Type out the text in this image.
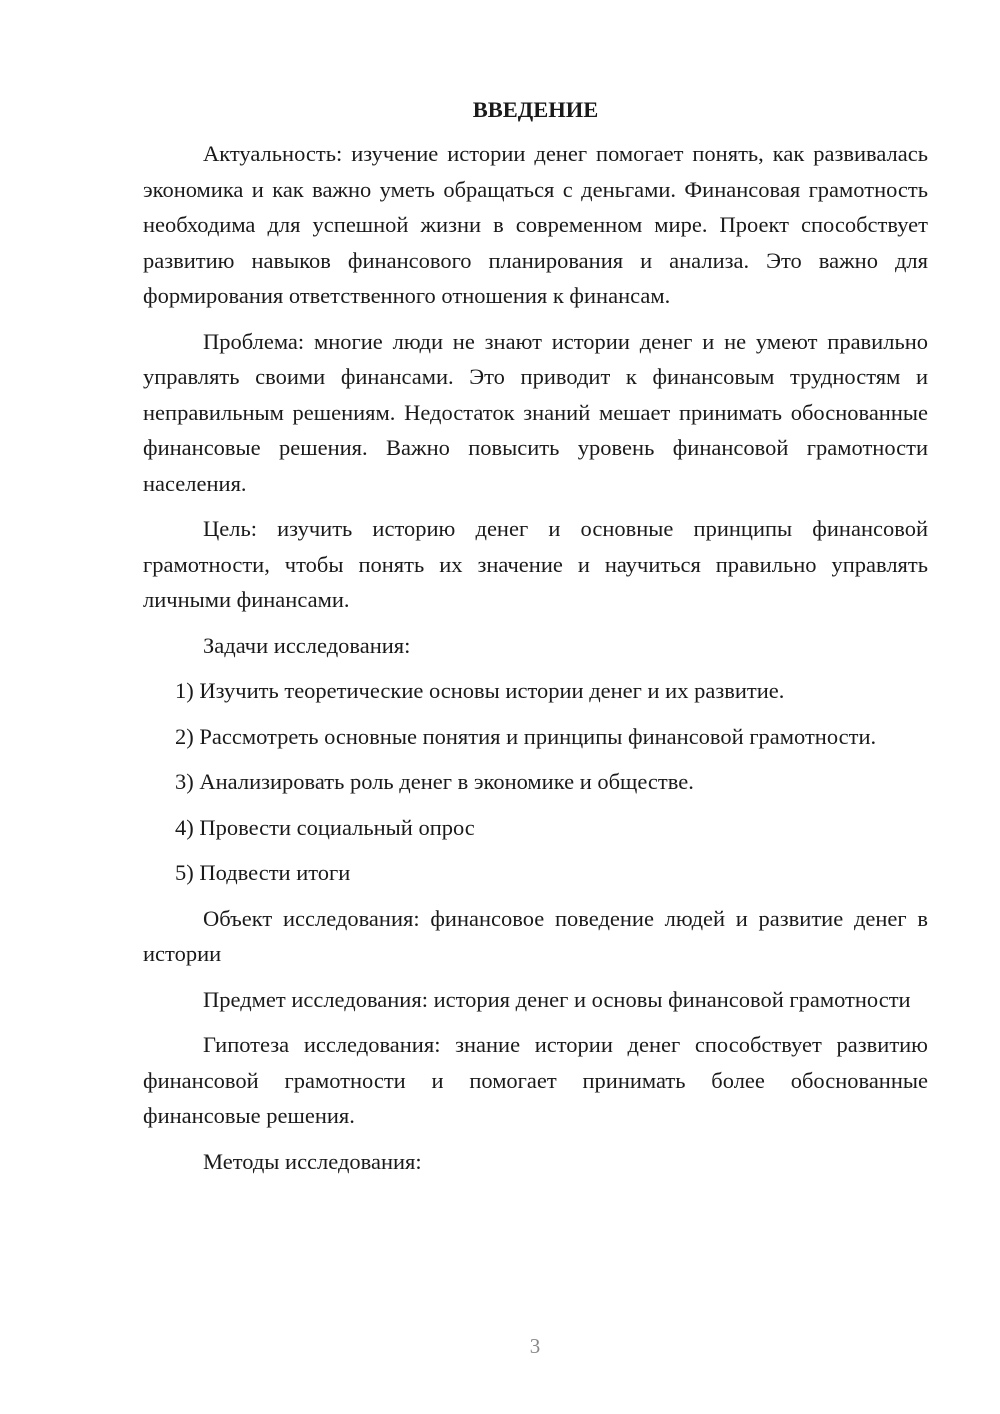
ВВЕДЕНИЕ

Актуальность: изучение истории денег помогает понять, как развивалась экономика и как важно уметь обращаться с деньгами. Финансовая грамотность необходима для успешной жизни в современном мире. Проект способствует развитию навыков финансового планирования и анализа. Это важно для формирования ответственного отношения к финансам.

Проблема: многие люди не знают истории денег и не умеют правильно управлять своими финансами. Это приводит к финансовым трудностям и неправильным решениям. Недостаток знаний мешает принимать обоснованные финансовые решения. Важно повысить уровень финансовой грамотности населения.

Цель: изучить историю денег и основные принципы финансовой грамотности, чтобы понять их значение и научиться правильно управлять личными финансами.

Задачи исследования:

1) Изучить теоретические основы истории денег и их развитие.

2) Рассмотреть основные понятия и принципы финансовой грамотности.

3) Анализировать роль денег в экономике и обществе.

4) Провести социальный опрос

5) Подвести итоги

Объект исследования: финансовое поведение людей и развитие денег в истории

Предмет исследования: история денег и основы финансовой грамотности

Гипотеза исследования: знание истории денег способствует развитию финансовой грамотности и помогает принимать более обоснованные финансовые решения.

Методы исследования:

3
